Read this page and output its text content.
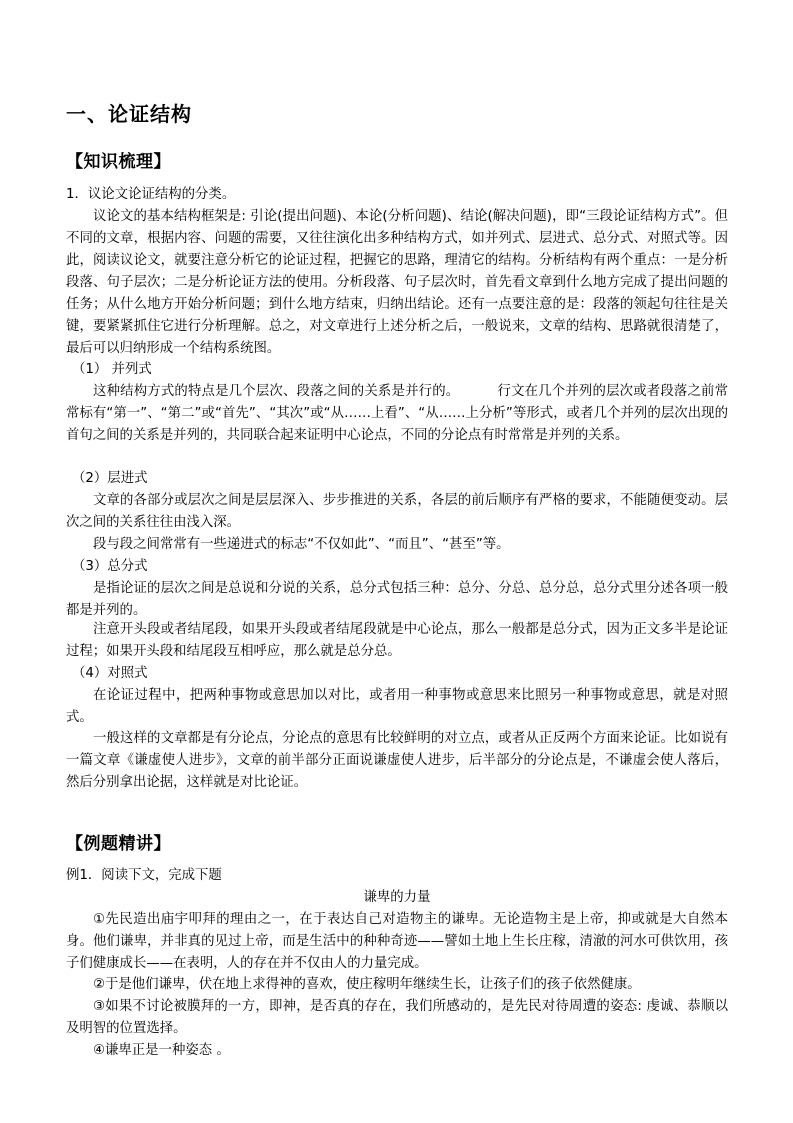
一、论证结构
【知识梳理】
1．议论文论证结构的分类。
议论文的基本结构框架是: 引论(提出问题)、本论(分析问题)、结论(解决问题)，即“三段论证结构方式”。但不同的文章，根据内容、问题的需要，又往往演化出多种结构方式，如并列式、层进式、总分式、对照式等。因此，阅读议论文，就要注意分析它的论证过程，把握它的思路，理清它的结构。分析结构有两个重点：一是分析段落、句子层次；二是分析论证方法的使用。分析段落、句子层次时，首先看文章到什么地方完成了提出问题的任务；从什么地方开始分析问题；到什么地方结束，归纳出结论。还有一点要注意的是：段落的领起句往往是关键，要紧紧抓住它进行分析理解。总之，对文章进行上述分析之后，一般说来，文章的结构、思路就很清楚了，最后可以归纳形成一个结构系统图。
（1） 并列式
这种结构方式的特点是几个层次、段落之间的关系是并行的。	行文在几个并列的层次或者段落之前常常标有“第一”、“第二”或“首先”、“其次”或“从……上看”、“从……上分析”等形式，或者几个并列的层次出现的首句之间的关系是并列的，共同联合起来证明中心论点，不同的分论点有时常常是并列的关系。
（2）层进式
文章的各部分或层次之间是层层深入、步步推进的关系，各层的前后顺序有严格的要求，不能随便变动。层次之间的关系往往由浅入深。
段与段之间常常有一些递进式的标志“不仅如此”、“而且”、“甚至”等。
（3）总分式
是指论证的层次之间是总说和分说的关系，总分式包括三种：总分、分总、总分总，总分式里分述各项一般都是并列的。
注意开头段或者结尾段，如果开头段或者结尾段就是中心论点，那么一般都是总分式，因为正文多半是论证过程；如果开头段和结尾段互相呼应，那么就是总分总。
（4）对照式
在论证过程中，把两种事物或意思加以对比，或者用一种事物或意思来比照另一种事物或意思，就是对照式。
一般这样的文章都是有分论点，分论点的意思有比较鲜明的对立点，或者从正反两个方面来论证。比如说有一篇文章《谦虚使人进步》，文章的前半部分正面说谦虚使人进步，后半部分的分论点是，不谦虚会使人落后，然后分别拿出论据，这样就是对比论证。
【例题精讲】
例1．阅读下文，完成下题
谦卑的力量
①先民造出庙宇叩拜的理由之一，在于表达自己对造物主的谦卑。无论造物主是上帝，抑或就是大自然本身。他们谦卑，并非真的见过上帝，而是生活中的种种奇迹——譬如土地上生长庄稼，清澈的河水可供饮用，孩子们健康成长——在表明，人的存在并不仅由人的力量完成。
②于是他们谦卑，伏在地上求得神的喜欢，使庄稼明年继续生长，让孩子们的孩子依然健康。
③如果不讨论被膜拜的一方，即神，是否真的存在，我们所感动的，是先民对待周遭的姿态: 虔诚、恭顺以及明智的位置选择。
④谦卑正是一种姿态 。
